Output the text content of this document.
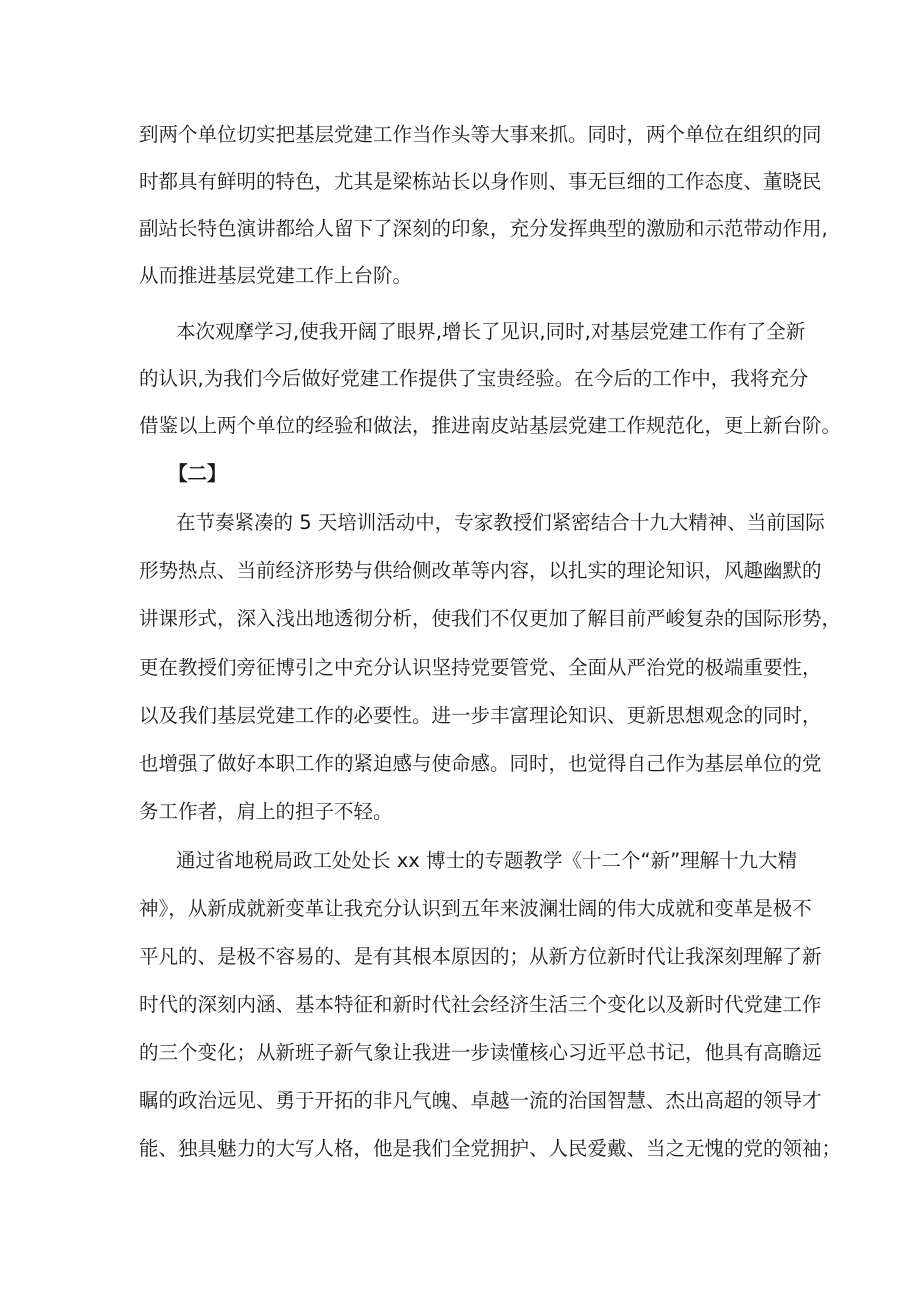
到两个单位切实把基层党建工作当作头等大事来抓。同时，两个单位在组织的同
时都具有鲜明的特色，尤其是梁栋站长以身作则、事无巨细的工作态度、董晓民
副站长特色演讲都给人留下了深刻的印象，充分发挥典型的激励和示范带动作用,
从而推进基层党建工作上台阶。
本次观摩学习,使我开阔了眼界,增长了见识,同时,对基层党建工作有了全新
的认识,为我们今后做好党建工作提供了宝贵经验。在今后的工作中，我将充分
借鉴以上两个单位的经验和做法，推进南皮站基层党建工作规范化，更上新台阶。
【二】
在节奏紧凑的 5 天培训活动中，专家教授们紧密结合十九大精神、当前国际
形势热点、当前经济形势与供给侧改革等内容，以扎实的理论知识，风趣幽默的
讲课形式，深入浅出地透彻分析，使我们不仅更加了解目前严峻复杂的国际形势，
更在教授们旁征博引之中充分认识坚持党要管党、全面从严治党的极端重要性，
以及我们基层党建工作的必要性。进一步丰富理论知识、更新思想观念的同时，
也增强了做好本职工作的紧迫感与使命感。同时，也觉得自己作为基层单位的党
务工作者，肩上的担子不轻。
通过省地税局政工处处长 xx 博士的专题教学《十二个“新”理解十九大精
神》，从新成就新变革让我充分认识到五年来波澜壮阔的伟大成就和变革是极不
平凡的、是极不容易的、是有其根本原因的；从新方位新时代让我深刻理解了新
时代的深刻内涵、基本特征和新时代社会经济生活三个变化以及新时代党建工作
的三个变化；从新班子新气象让我进一步读懂核心习近平总书记，他具有高瞻远
瞩的政治远见、勇于开拓的非凡气魄、卓越一流的治国智慧、杰出高超的领导才
能、独具魅力的大写人格，他是我们全党拥护、人民爱戴、当之无愧的党的领袖；
